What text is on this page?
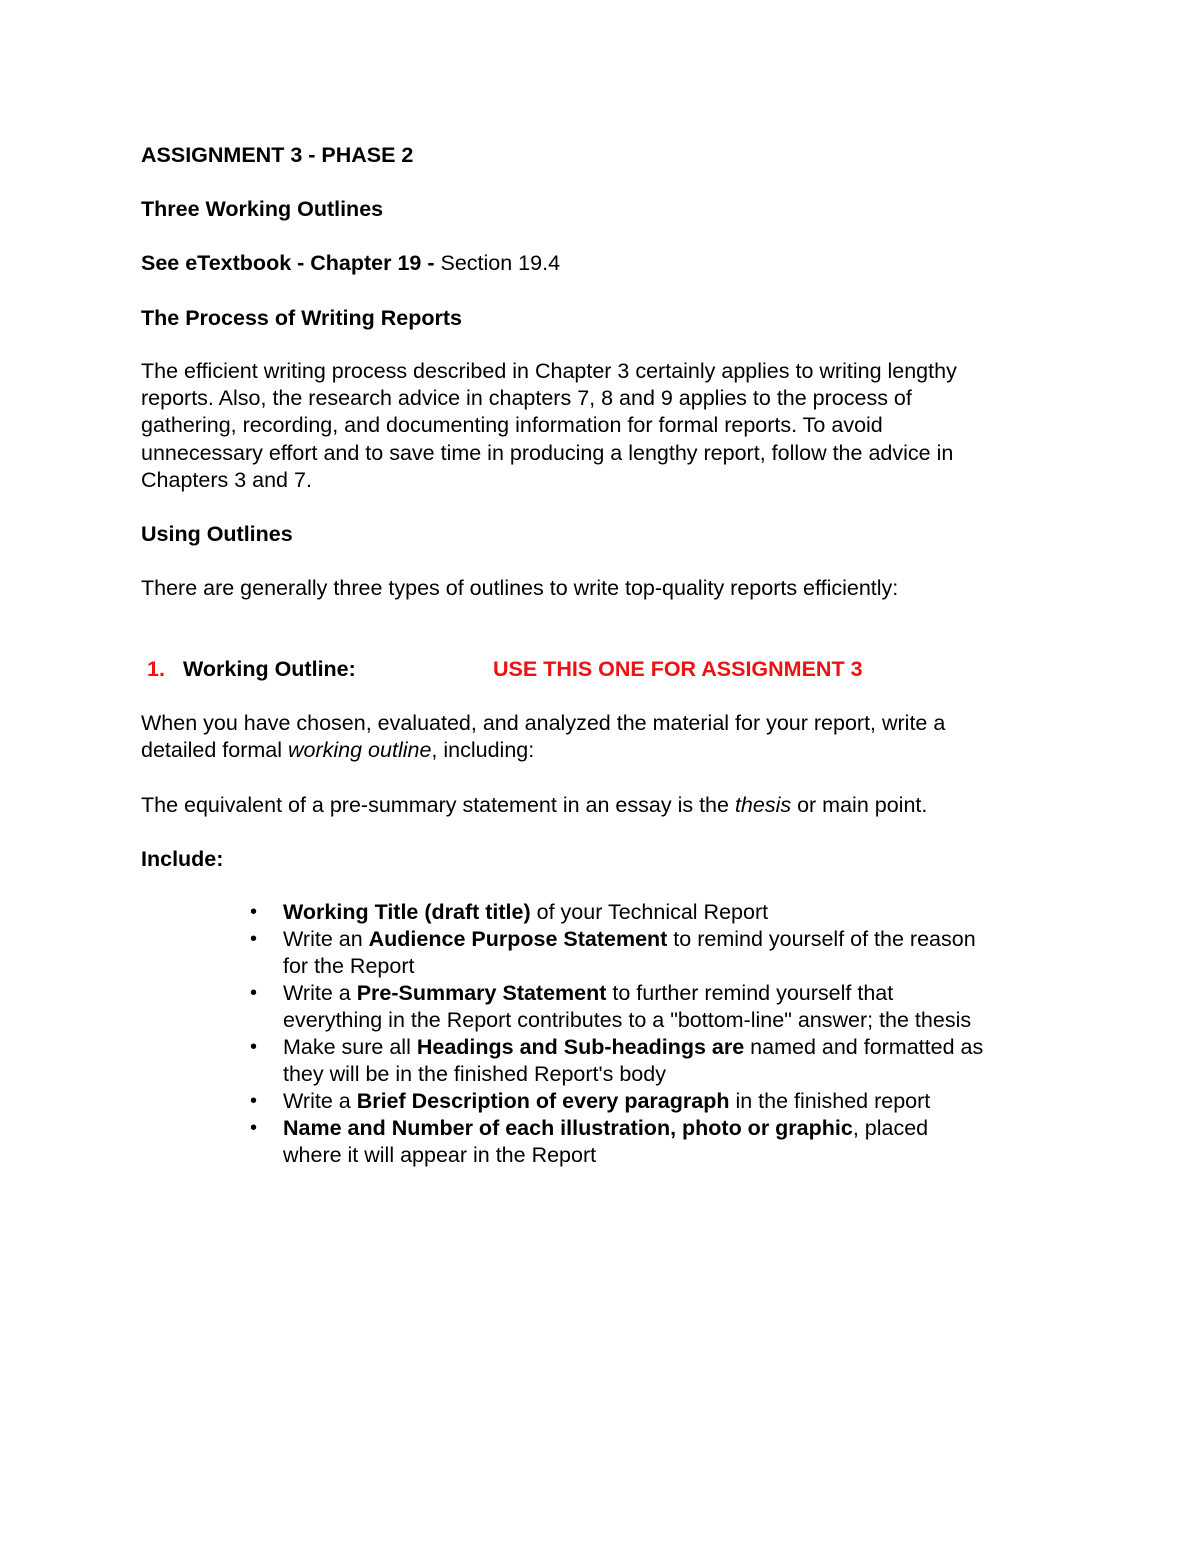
ASSIGNMENT 3 - PHASE 2
Three Working Outlines
See eTextbook - Chapter 19 - Section 19.4
The Process of Writing Reports

The efficient writing process described in Chapter 3 certainly applies to writing lengthy

reports. Also, the research advice in chapters 7, 8 and 9 applies to the process of

gathering, recording, and documenting information for formal reports. To avoid

unnecessary effort and to save time in producing a lengthy report, follow the advice in

Chapters 3 and 7.

Using Outlines
There are generally three types of outlines to write top-quality reports efficiently:
1. Working Outline:	USE THIS ONE FOR ASSIGNMENT 3

When you have chosen, evaluated, and analyzed the material for your report, write a

detailed formal working outline, including:

The equivalent of a pre-summary statement in an essay is the thesis or main point.
Include:
• Working Title (draft title) of your Technical Report
• Write an Audience Purpose Statement to remind yourself of the reason
for the Report
• Write a Pre-Summary Statement to further remind yourself that
everything in the Report contributes to a "bottom-line" answer; the thesis
• Make sure all Headings and Sub-headings are named and formatted as
they will be in the finished Report's body
• Write a Brief Description of every paragraph in the finished report
• Name and Number of each illustration, photo or graphic, placed
where it will appear in the Report
